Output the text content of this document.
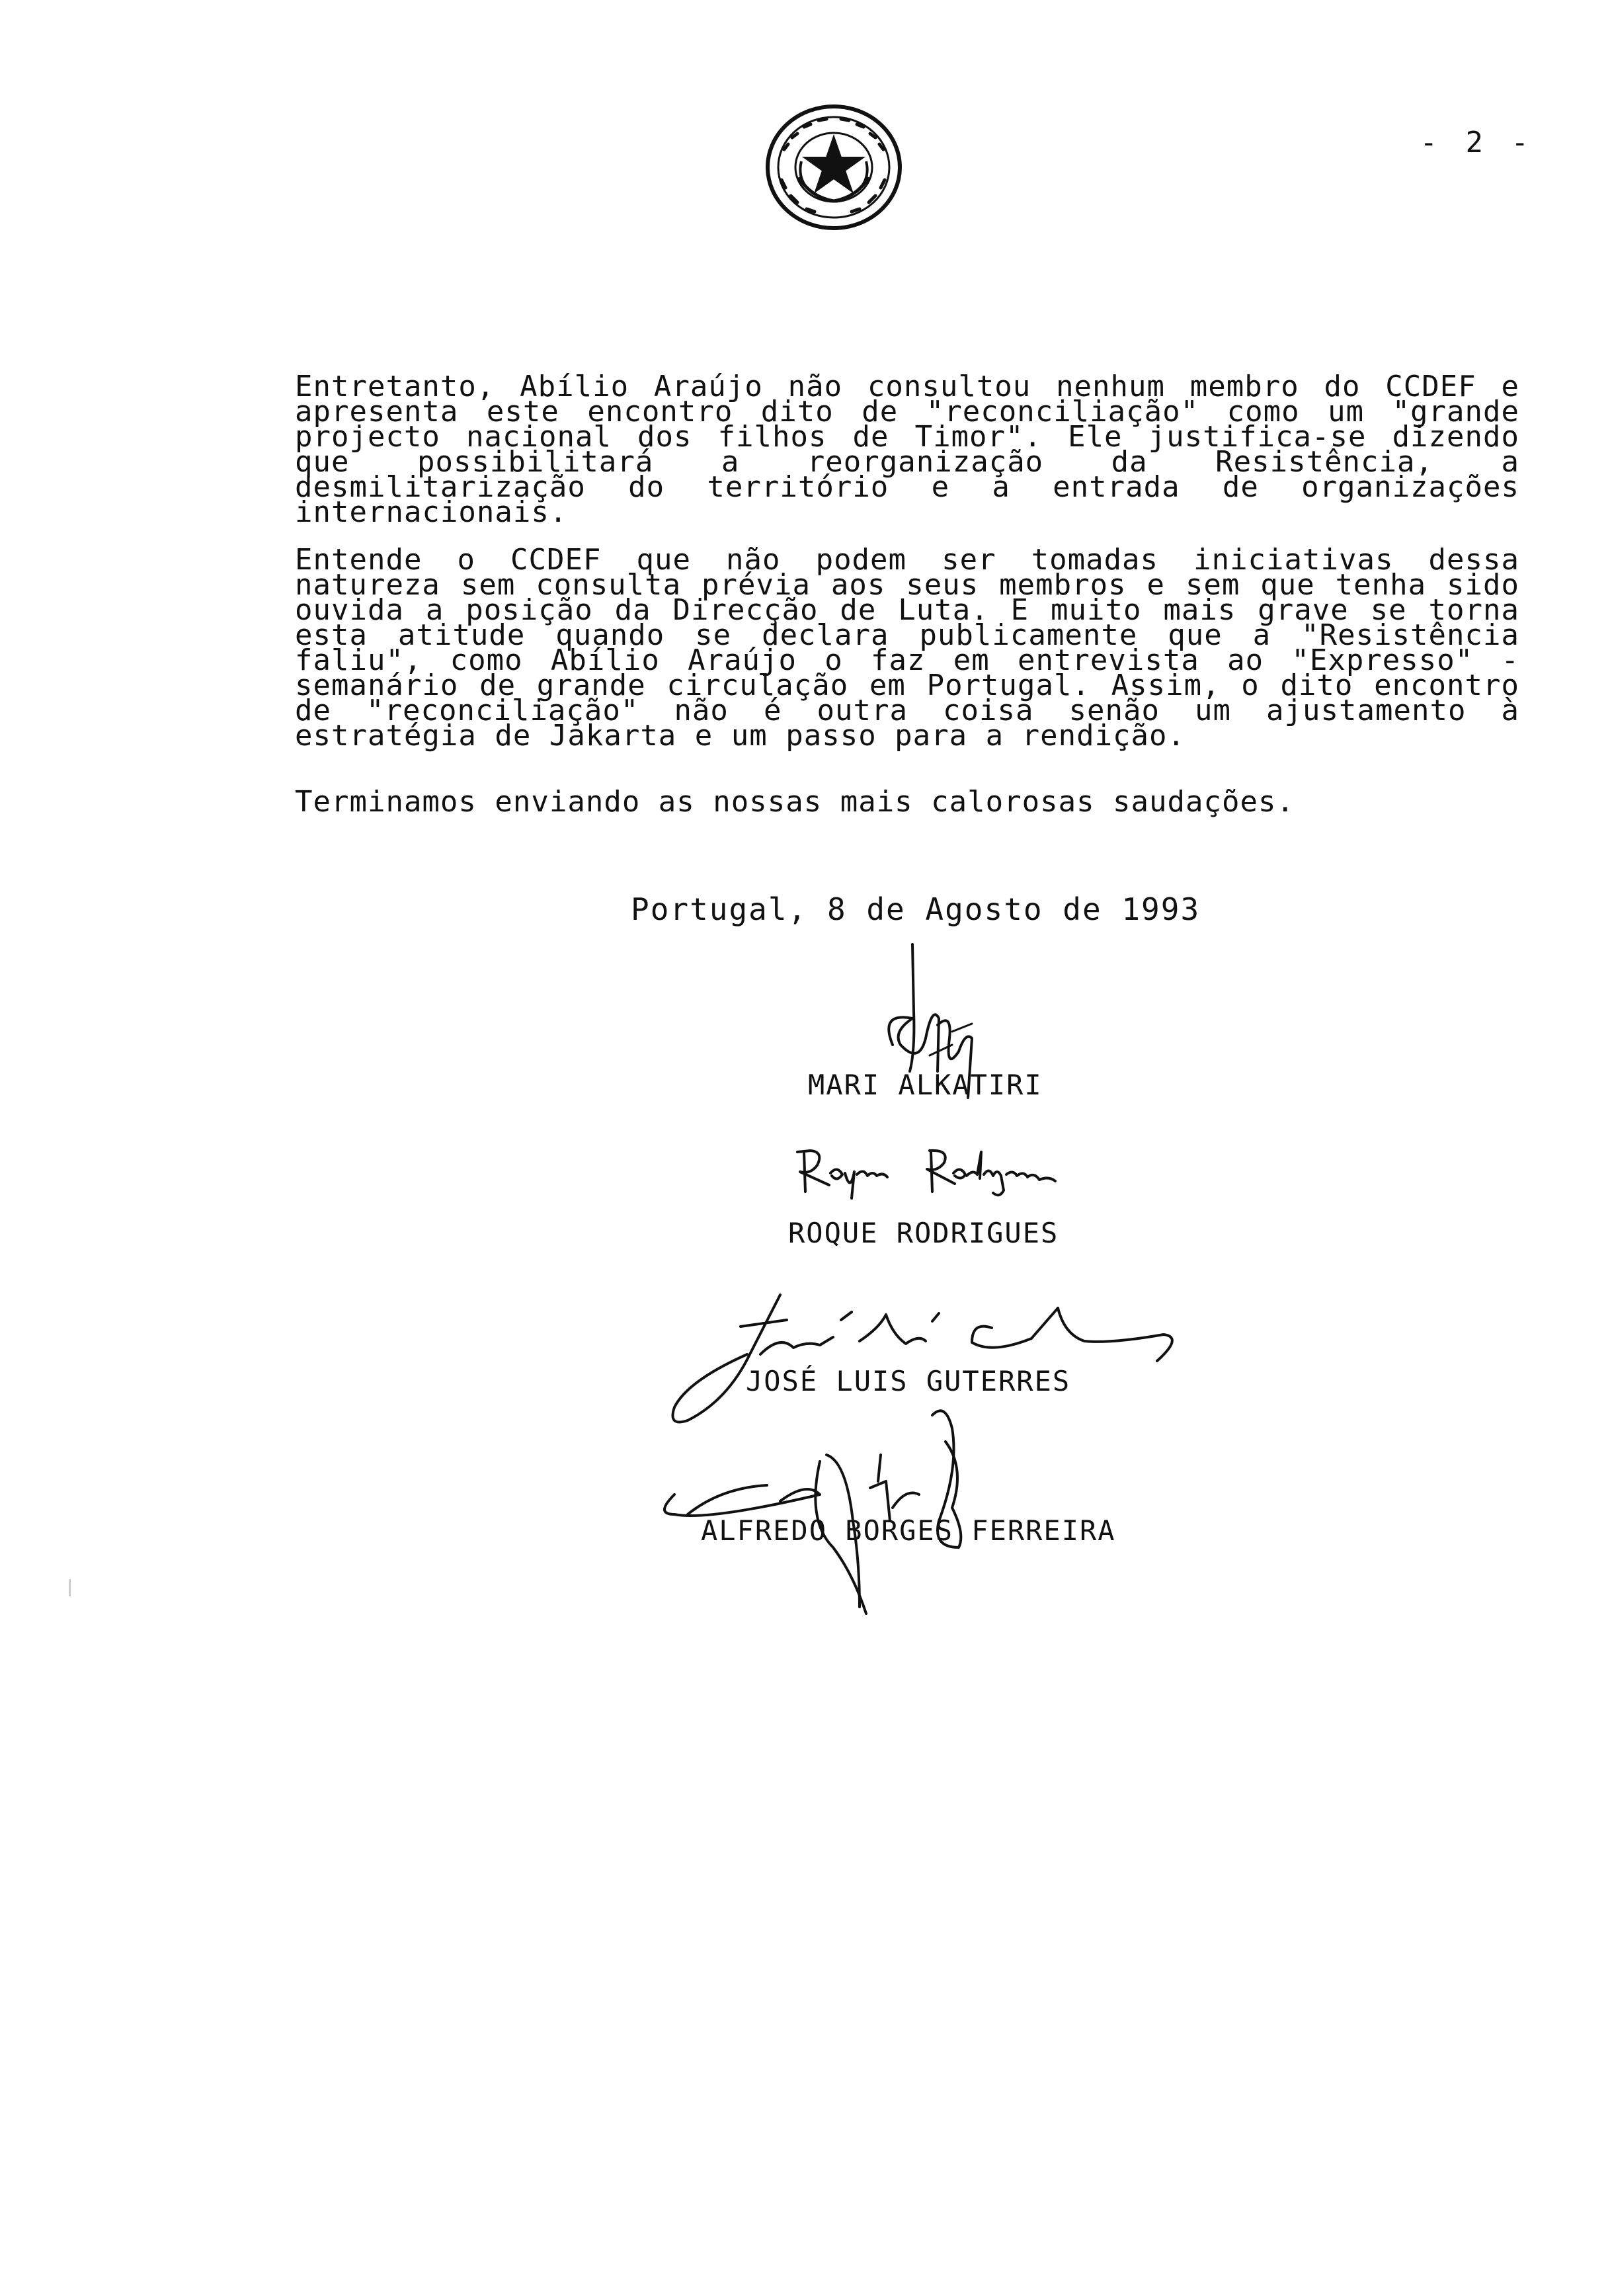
- 2 -
Entretanto, Abílio Araújo não consultou nenhum membro do CCDEF e apresenta este encontro dito de "reconciliação" como um "grande projecto nacional dos filhos de Timor". Ele justifica-se dizendo que possibilitará a reorganização da Resistência, a desmilitarização do território e a entrada de organizações internacionais.
Entende o CCDEF que não podem ser tomadas iniciativas dessa natureza sem consulta prévia aos seus membros e sem que tenha sido ouvida a posição da Direcção de Luta. E muito mais grave se torna esta atitude quando se declara publicamente que a "Resistência faliu", como Abílio Araújo o faz em entrevista ao "Expresso" - semanário de grande circulação em Portugal. Assim, o dito encontro de "reconciliação" não é outra coisa senão um ajustamento à estratégia de Jakarta e um passo para a rendição.
Terminamos enviando as nossas mais calorosas saudações.
Portugal, 8 de Agosto de 1993
MARI ALKATIRI
ROQUE RODRIGUES
JOSÉ LUIS GUTERRES
ALFREDO BORGES FERREIRA
